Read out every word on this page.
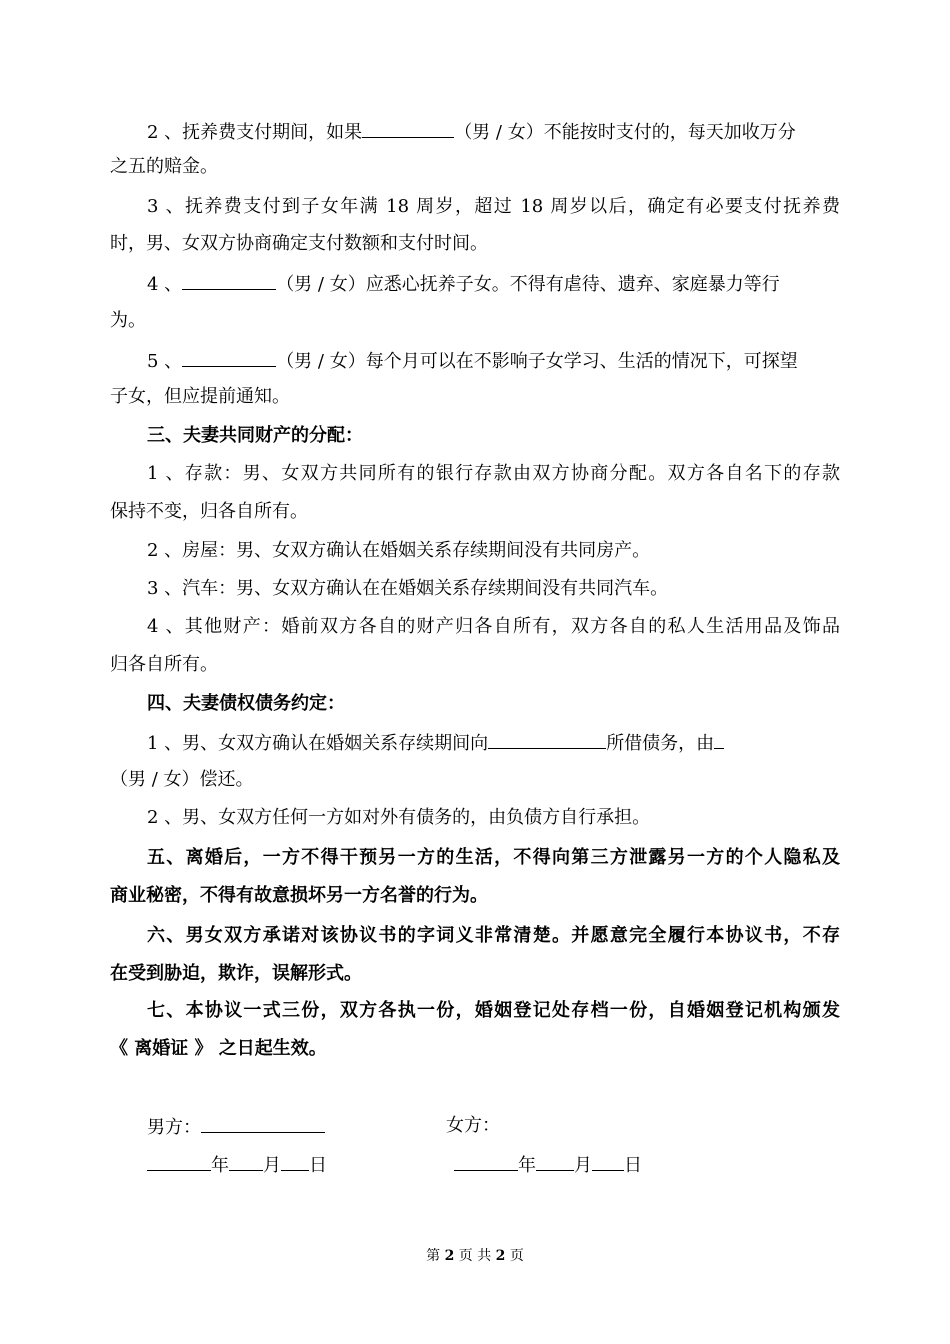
2 、抚养费支付期间，如果	（男 / 女）不能按时支付的，每天加收万分
之五的赔金。
3 、抚养费支付到子女年满 18 周岁，超过 18 周岁以后，确定有必要支付抚养费
时，男、女双方协商确定支付数额和支付时间。
4 、	（男 / 女）应悉心抚养子女。不得有虐待、遗弃、家庭暴力等行
为。
5 、	（男 / 女）每个月可以在不影响子女学习、生活的情况下，可探望
子女，但应提前通知。
三、夫妻共同财产的分配：
1 、存款：男、女双方共同所有的银行存款由双方协商分配。双方各自名下的存款
保持不变，归各自所有。
2 、房屋：男、女双方确认在婚姻关系存续期间没有共同房产。
3 、汽车：男、女双方确认在在婚姻关系存续期间没有共同汽车。
4 、其他财产：婚前双方各自的财产归各自所有，双方各自的私人生活用品及饰品
归各自所有。
四、夫妻债权债务约定：
1 、男、女双方确认在婚姻关系存续期间向	所借债务，由
（男 / 女）偿还。
2 、男、女双方任何一方如对外有债务的，由负债方自行承担。
五、离婚后，一方不得干预另一方的生活，不得向第三方泄露另一方的个人隐私及
商业秘密，不得有故意损坏另一方名誉的行为。
六、男女双方承诺对该协议书的字词义非常清楚。并愿意完全履行本协议书，不存
在受到胁迫，欺诈，误解形式。
七、本协议一式三份，双方各执一份，婚姻登记处存档一份，自婚姻登记机构颁发
《 离婚证 》 之日起生效。
男方：	女方：
年 月 日	年 月 日
第 2 页 共 2 页
